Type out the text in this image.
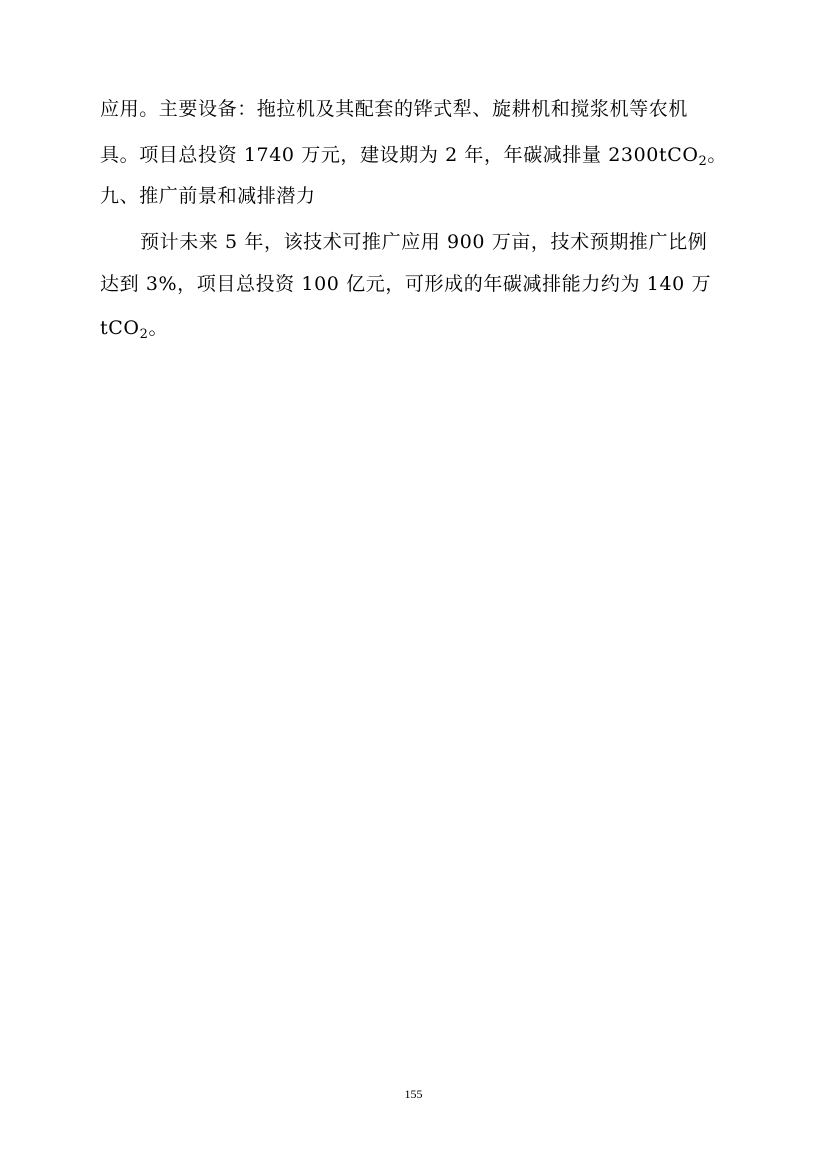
应用。主要设备：拖拉机及其配套的铧式犁、旋耕机和搅浆机等农机
具。项目总投资 1740 万元，建设期为 2 年，年碳减排量 2300tCO$_2$。
九、推广前景和减排潜力
预计未来 5 年，该技术可推广应用 900 万亩，技术预期推广比例
达到 3%，项目总投资 100 亿元，可形成的年碳减排能力约为 140 万
tCO$_2$。
155
